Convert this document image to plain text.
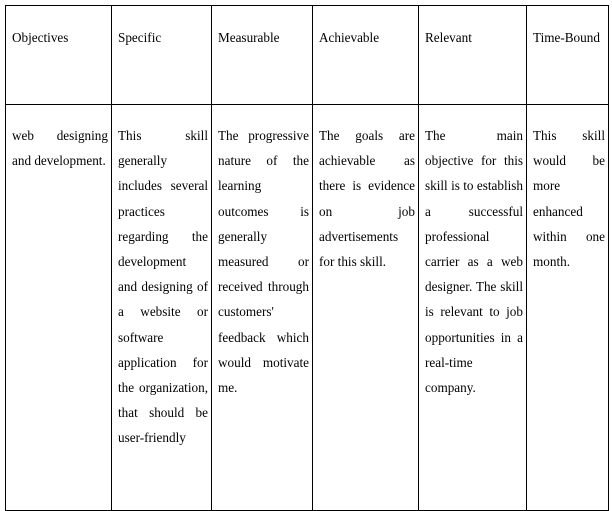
Objectives	Specific	Measurable	Achievable	Relevant	Time-Bound

web designing and development.	This skill generally includes several practices regarding the development and designing of a website or software application for the organization, that should be user-friendly	The progressive nature of the learning outcomes is generally measured or received through customers' feedback which would motivate me.	The goals are achievable as there is evidence on job advertisements for this skill.	The main objective for this skill is to establish a successful professional carrier as a web designer. The skill is relevant to job opportunities in a real-time company.	This skill would be more enhanced within one month.
